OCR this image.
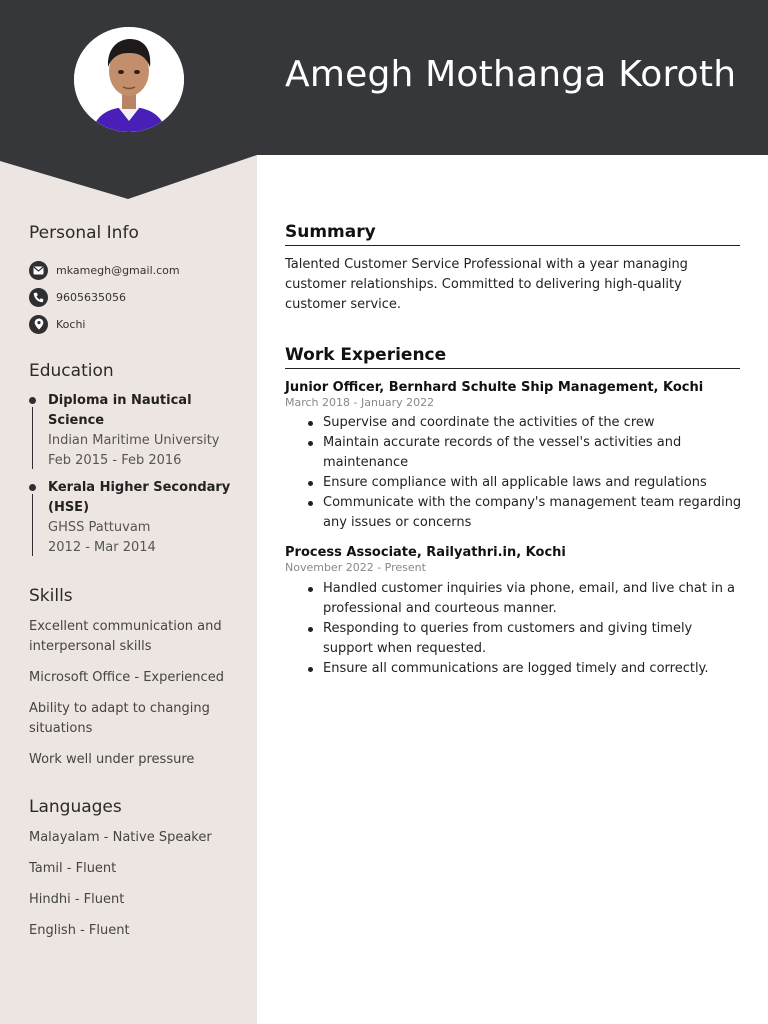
Amegh Mothanga Koroth
Personal Info
mkamegh@gmail.com
9605635056
Kochi
Education
Diploma in Nautical Science
Indian Maritime University
Feb 2015 - Feb 2016
Kerala Higher Secondary (HSE)
GHSS Pattuvam
2012 - Mar 2014
Skills
Excellent communication and interpersonal skills
Microsoft Office - Experienced
Ability to adapt to changing situations
Work well under pressure
Languages
Malayalam - Native Speaker
Tamil - Fluent
Hindhi - Fluent
English - Fluent
Summary

Talented Customer Service Professional with a year managing customer relationships. Committed to delivering high-quality customer service.

Work Experience
Junior Officer, Bernhard Schulte Ship Management, Kochi
March 2018 - January 2022
Supervise and coordinate the activities of the crew
Maintain accurate records of the vessel's activities and maintenance
Ensure compliance with all applicable laws and regulations
Communicate with the company's management team regarding any issues or concerns
Process Associate, Railyathri.in, Kochi
November 2022 - Present
Handled customer inquiries via phone, email, and live chat in a professional and courteous manner.
Responding to queries from customers and giving timely support when requested.
Ensure all communications are logged timely and correctly.
